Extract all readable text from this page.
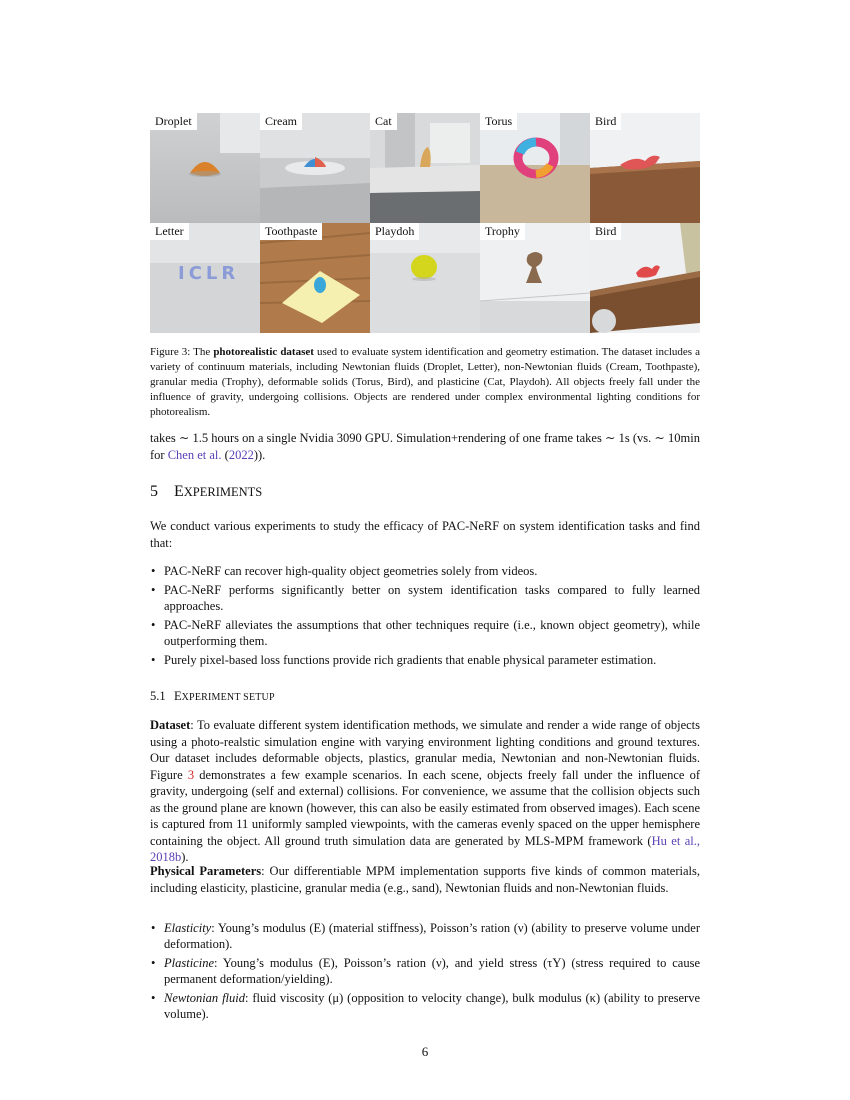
Droplet	Cream	Cat	Torus	Bird
ICLR
Letter	Toothpaste	Playdoh	Trophy	Bird
Figure 3: The photorealistic dataset used to evaluate system identification and geometry estimation. The dataset includes a variety of continuum materials, including Newtonian fluids (Droplet, Letter), non-Newtonian fluids (Cream, Toothpaste), granular media (Trophy), deformable solids (Torus, Bird), and plasticine (Cat, Playdoh). All objects freely fall under the influence of gravity, undergoing collisions. Objects are rendered under complex environmental lighting conditions for photorealism.
takes ∼ 1.5 hours on a single Nvidia 3090 GPU. Simulation+rendering of one frame takes ∼ 1s (vs. ∼ 10min for Chen et al. (2022)).
5 EXPERIMENTS
We conduct various experiments to study the efficacy of PAC-NeRF on system identification tasks and find that:
• PAC-NeRF can recover high-quality object geometries solely from videos.
• PAC-NeRF performs significantly better on system identification tasks compared to fully learned approaches.
• PAC-NeRF alleviates the assumptions that other techniques require (i.e., known object geometry), while outperforming them.
• Purely pixel-based loss functions provide rich gradients that enable physical parameter estimation.
5.1 EXPERIMENT SETUP
Dataset: To evaluate different system identification methods, we simulate and render a wide range of objects using a photo-realstic simulation engine with varying environment lighting conditions and ground textures. Our dataset includes deformable objects, plastics, granular media, Newtonian and non-Newtonian fluids. Figure 3 demonstrates a few example scenarios. In each scene, objects freely fall under the influence of gravity, undergoing (self and external) collisions. For convenience, we assume that the collision objects such as the ground plane are known (however, this can also be easily estimated from observed images). Each scene is captured from 11 uniformly sampled viewpoints, with the cameras evenly spaced on the upper hemisphere containing the object. All ground truth simulation data are generated by MLS-MPM framework (Hu et al., 2018b).
Physical Parameters: Our differentiable MPM implementation supports five kinds of common materials, including elasticity, plasticine, granular media (e.g., sand), Newtonian fluids and non-Newtonian fluids.
• Elasticity: Young’s modulus (E) (material stiffness), Poisson’s ration (ν) (ability to preserve volume under deformation).
• Plasticine: Young’s modulus (E), Poisson’s ration (ν), and yield stress (τY) (stress required to cause permanent deformation/yielding).
• Newtonian fluid: fluid viscosity (μ) (opposition to velocity change), bulk modulus (κ) (ability to preserve volume).
6
